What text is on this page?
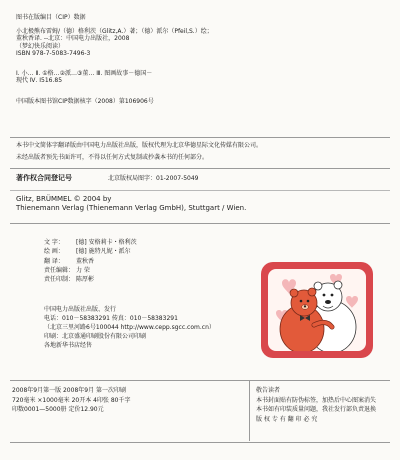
图书在版编目（CIP）数据
小北极熊布雷姆/（德）格利茨（Glitz,A.）著；（德）派尔（Pfeil,S.）绘；
董秋香译. --北京：中国电力出版社，2008
（梦幻快乐阅读）
ISBN 978-7-5083-7496-3
Ⅰ. 小… Ⅱ. ①格…②派…③董… Ⅲ. 图画故事－德国－
现代 Ⅳ. I516.85
中国版本图书馆CIP数据核字（2008）第106906号
本书中文简体字翻译版由中国电力出版社出版，版权代理为北京华德星际文化传媒有限公司。
未经出版者预先书面许可，不得以任何方式复制或抄袭本书的任何部分。
著作权合同登记号	北京版权局图字：01-2007-5049
Glitz, BRÜMMEL © 2004 by
Thienemann Verlag (Thienemann Verlag GmbH), Stuttgart / Wien.
文 字：	[德] 安格莉卡・格利茨
绘 画：	[德] 施特凡妮・派尔
翻 译：	董秋香
责任编辑： 力 荣
责任印制： 陈厚彬
中国电力出版社出版、发行
电话：010－58383291 传真：010－58383291
（北京三里河路6号100044 http://www.cepp.sgcc.com.cn）
印刷：北京盛通印刷股份有限公司印刷
各地新华书店经售
2008年9月第一版 2008年9月 第一次印刷
720毫米 ×1000毫米 20开本 4印张 80千字
印数0001—5000册 定价12.90元
敬告读者
本书封面贴有防伪标签，加热后中心图案消失
本书如有印装质量问题，我社发行部负责退换
版 权 专 有 翻 印 必 究
